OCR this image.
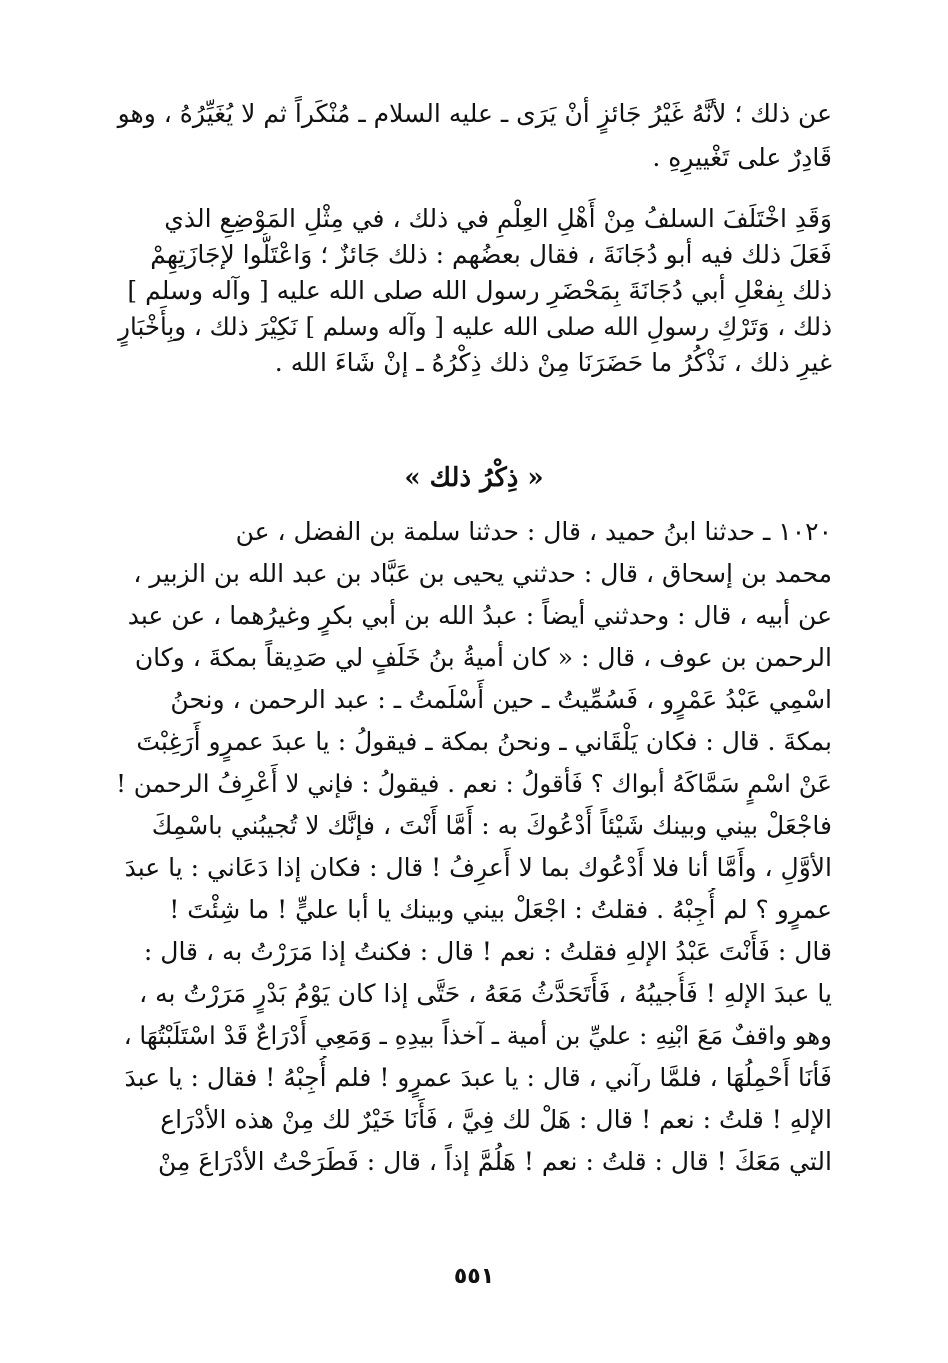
عن ذلك ؛ لأنَّهُ غَيْرُ جَائزٍ أنْ يَرَى ـ عليه السلام ـ مُنْكَراً ثم لا يُغَيِّرُهُ ، وهو
قَادِرٌ على تَغْييرِهِ .
وَقَدِ اخْتَلَفَ السلفُ مِنْ أَهْلِ العِلْمِ في ذلك ، في مِثْلِ المَوْضِعِ الذي
فَعَلَ ذلك فيه أبو دُجَانَةَ ، فقال بعضُهم : ذلك جَائزٌ ؛ وَاعْتَلُّوا لإجَازَتِهِمْ
ذلك بِفعْلِ أبي دُجَانَةَ بِمَحْضَرِ رسول الله صلى الله عليه [ وآله وسلم ]
ذلك ، وَتَرْكِ رسولِ الله صلى الله عليه [ وآله وسلم ] نَكِيْرَ ذلك ، وبِأَخْبَارٍ
غيرِ ذلك ، نَذْكُرُ ما حَضَرَنَا مِنْ ذلك ذِكْرُهُ ـ إنْ شَاءَ الله .
« ذِكْرُ ذلك »
١٠٢٠ ـ حدثنا ابنُ حميد ، قال : حدثنا سلمة بن الفضل ، عن
محمد بن إسحاق ، قال : حدثني يحيى بن عَبَّاد بن عبد الله بن الزبير ،
عن أبيه ، قال : وحدثني أيضاً : عبدُ الله بن أبي بكرٍ وغيرُهما ، عن عبد
الرحمن بن عوف ، قال : « كان أميةُ بنُ خَلَفٍ لي صَدِيقاً بمكةَ ، وكان
اسْمِي عَبْدُ عَمْرٍو ، فَسُمِّيتُ ـ حين أَسْلَمتُ ـ : عبد الرحمن ، ونحنُ
بمكةَ . قال : فكان يَلْقَاني ـ ونحنُ بمكة ـ فيقولُ : يا عبدَ عمرٍو أَرَغِبْتَ
عَنْ اسْمٍ سَمَّاكَهُ أبواك ؟ فَأقولُ : نعم . فيقولُ : فإني لا أَعْرِفُ الرحمن !
فاجْعَلْ بيني وبينك شَيْئاً أَدْعُوكَ به : أَمَّا أَنْتَ ، فإنَّك لا تُجيبُني باسْمِكَ
الأوَّلِ ، وأَمَّا أنا فلا أَدْعُوك بما لا أَعرِفُ ! قال : فكان إذا دَعَاني : يا عبدَ
عمرٍو ؟ لم أُجِبْهُ . فقلتُ : اجْعَلْ بيني وبينك يا أبا عليٍّ ! ما شِئْتَ !
قال : فَأَنْتَ عَبْدُ الإلهِ فقلتُ : نعم ! قال : فكنتُ إذا مَرَرْتُ به ، قال :
يا عبدَ الإلهِ ! فَأُجيبُهُ ، فَأَتَحَدَّثُ مَعَهُ ، حَتَّى إذا كان يَوْمُ بَدْرٍ مَرَرْتُ به ،
وهو واقفٌ مَعَ ابْنِهِ : عليِّ بن أمية ـ آخذاً بيدِهِ ـ وَمَعِي أَدْرَاعٌ قَدْ اسْتَلَبْتُهَا ،
فَأنَا أَحْمِلُهَا ، فلمَّا رآني ، قال : يا عبدَ عمرٍو ! فلم أُجِبْهُ ! فقال : يا عبدَ
الإلهِ ! قلتُ : نعم ! قال : هَلْ لك فِيَّ ، فَأَنَا خَيْرٌ لك مِنْ هذه الأدْرَاع
التي مَعَكَ ! قال : قلتُ : نعم ! هَلُمَّ إذاً ، قال : فَطَرَحْتُ الأدْرَاعَ مِنْ
٥٥١
